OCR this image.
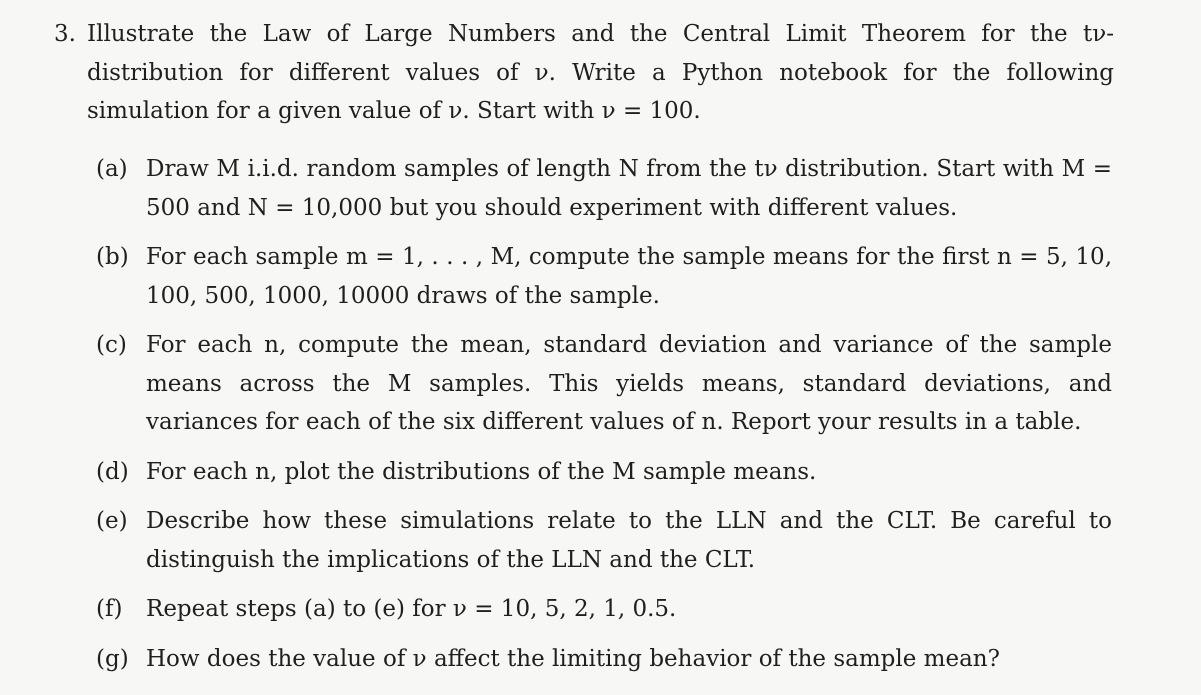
3. Illustrate the Law of Large Numbers and the Central Limit Theorem for the tν-distribution for different values of ν. Write a Python notebook for the following simulation for a given value of ν. Start with ν = 100.
(a) Draw M i.i.d. random samples of length N from the tν distribution. Start with M = 500 and N = 10,000 but you should experiment with different values.
(b) For each sample m = 1, . . . , M, compute the sample means for the first n = 5, 10, 100, 500, 1000, 10000 draws of the sample.
(c) For each n, compute the mean, standard deviation and variance of the sample means across the M samples. This yields means, standard deviations, and variances for each of the six different values of n. Report your results in a table.
(d) For each n, plot the distributions of the M sample means.
(e) Describe how these simulations relate to the LLN and the CLT. Be careful to distinguish the implications of the LLN and the CLT.
(f) Repeat steps (a) to (e) for ν = 10, 5, 2, 1, 0.5.
(g) How does the value of ν affect the limiting behavior of the sample mean?
